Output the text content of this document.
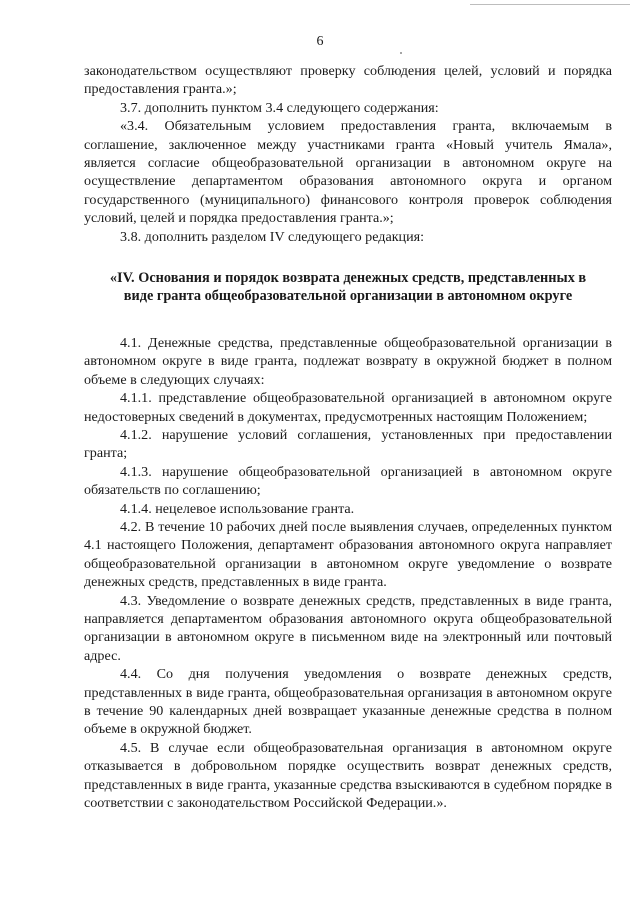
6

законодательством осуществляют проверку соблюдения целей, условий и порядка предоставления гранта.»;

3.7. дополнить пунктом 3.4 следующего содержания:

«3.4. Обязательным условием предоставления гранта, включаемым в соглашение, заключенное между участниками гранта «Новый учитель Ямала», является согласие общеобразовательной организации в автономном округе на осуществление департаментом образования автономного округа и органом государственного (муниципального) финансового контроля проверок соблюдения условий, целей и порядка предоставления гранта.»;

3.8. дополнить разделом IV следующего редакция:

«IV. Основания и порядок возврата денежных средств, представленных в виде гранта общеобразовательной организации в автономном округе

4.1. Денежные средства, представленные общеобразовательной организации в автономном округе в виде гранта, подлежат возврату в окружной бюджет в полном объеме в следующих случаях:

4.1.1. представление общеобразовательной организацией в автономном округе недостоверных сведений в документах, предусмотренных настоящим Положением;

4.1.2. нарушение условий соглашения, установленных при предоставлении гранта;

4.1.3. нарушение общеобразовательной организацией в автономном округе обязательств по соглашению;

4.1.4. нецелевое использование гранта.

4.2. В течение 10 рабочих дней после выявления случаев, определенных пунктом 4.1 настоящего Положения, департамент образования автономного округа направляет общеобразовательной организации в автономном округе уведомление о возврате денежных средств, представленных в виде гранта.

4.3. Уведомление о возврате денежных средств, представленных в виде гранта, направляется департаментом образования автономного округа общеобразовательной организации в автономном округе в письменном виде на электронный или почтовый адрес.

4.4. Со дня получения уведомления о возврате денежных средств, представленных в виде гранта, общеобразовательная организация в автономном округе в течение 90 календарных дней возвращает указанные денежные средства в полном объеме в окружной бюджет.

4.5. В случае если общеобразовательная организация в автономном округе отказывается в добровольном порядке осуществить возврат денежных средств, представленных в виде гранта, указанные средства взыскиваются в судебном порядке в соответствии с законодательством Российской Федерации.».
